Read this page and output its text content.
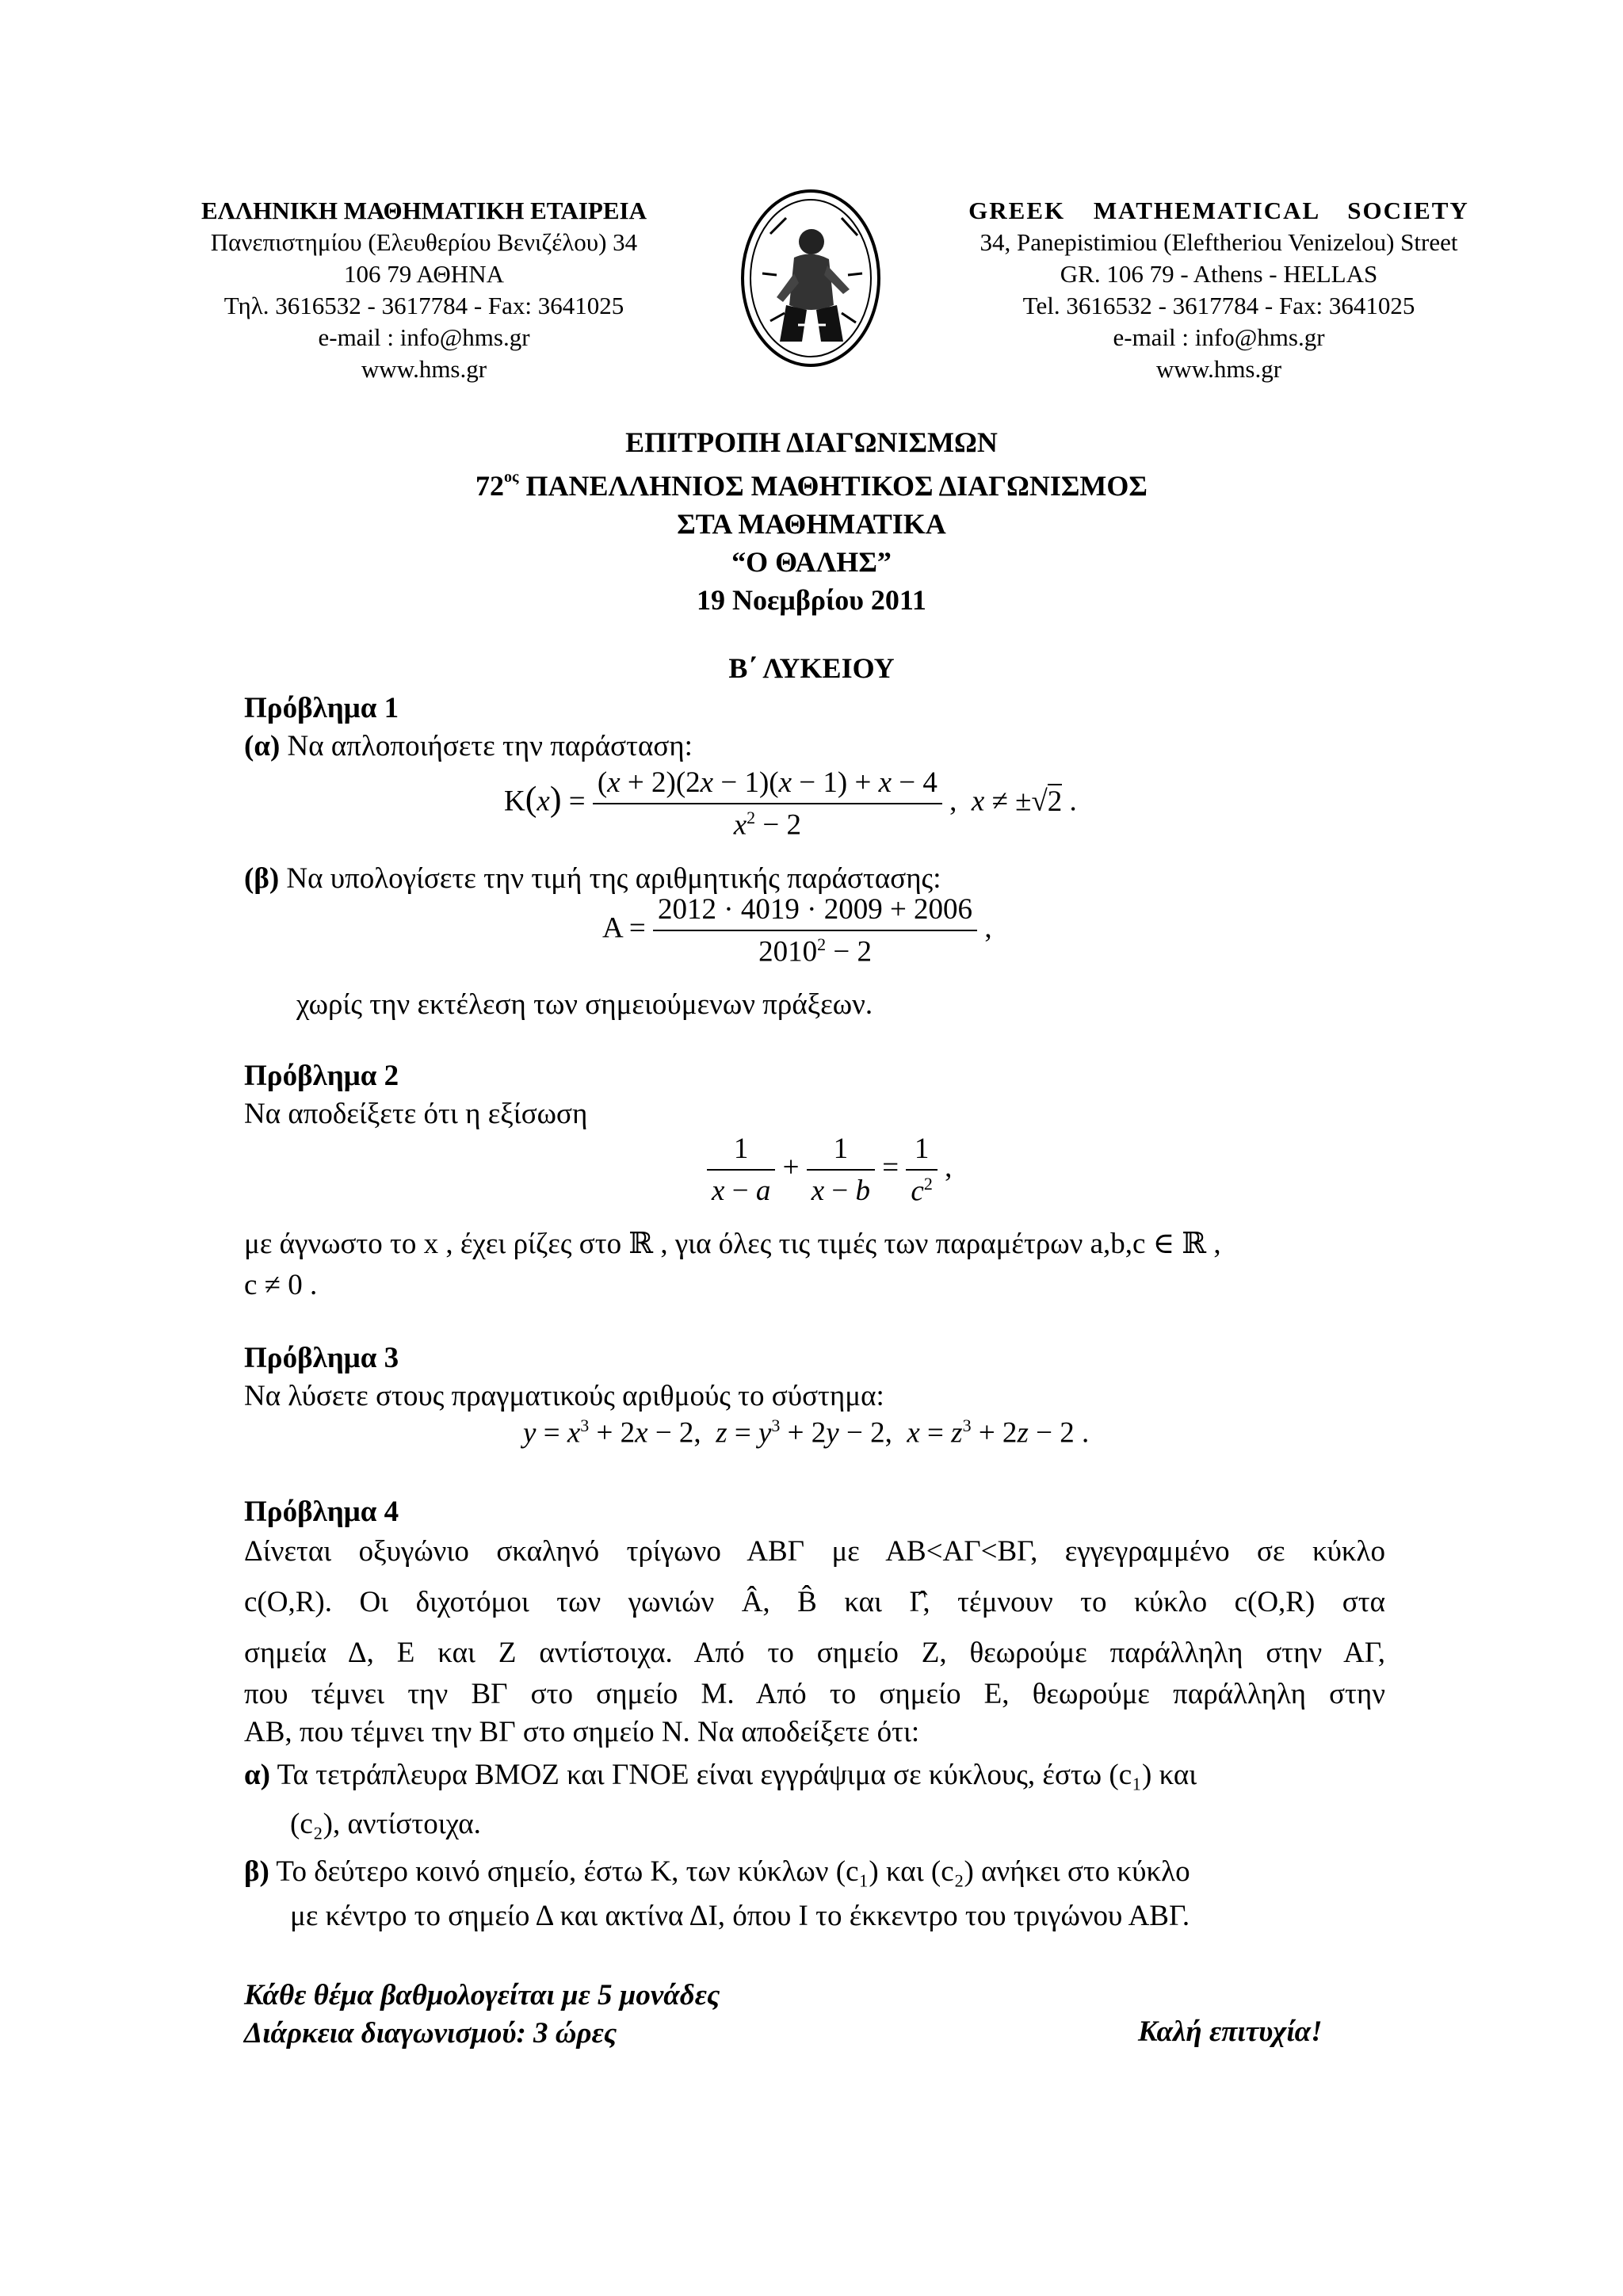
ΕΛΛΗΝΙΚΗ ΜΑΘΗΜΑΤΙΚΗ ΕΤΑΙΡΕΙΑ
Πανεπιστημίου (Ελευθερίου Βενιζέλου) 34
106 79 ΑΘΗΝΑ
Τηλ. 3616532 - 3617784 - Fax: 3641025
e-mail : info@hms.gr
www.hms.gr
GREEK MATHEMATICAL SOCIETY
34, Panepistimiou (Eleftheriou Venizelou) Street
GR. 106 79 - Athens - HELLAS
Tel. 3616532 - 3617784 - Fax: 3641025
e-mail : info@hms.gr
www.hms.gr
ΕΠΙΤΡΟΠΗ ΔΙΑΓΩΝΙΣΜΩΝ
$72^{o\varsigma}$ ΠΑΝΕΛΛΗΝΙΟΣ ΜΑΘΗΤΙΚΟΣ ΔΙΑΓΩΝΙΣΜΟΣ
ΣΤΑ ΜΑΘΗΜΑΤΙΚΑ
“Ο ΘΑΛΗΣ”
19 Νοεμβρίου 2011
Β΄ ΛΥΚΕΙΟΥ
Πρόβλημα 1
(α) Να απλοποιήσετε την παράσταση:
$K(x) = \frac{(x + 2)(2x - 1)(x - 1) + x - 4}{x^2 - 2}$ ,  x ≠ ±√2 .
(β) Να υπολογίσετε την τιμή της αριθμητικής παράστασης:
$A = \frac{2012 \cdot 4019 \cdot 2009 + 2006}{2010^2 - 2}$ ,
χωρίς την εκτέλεση των σημειούμενων πράξεων.
Πρόβλημα 2
Να αποδείξετε ότι η εξίσωση
$\frac{1}{x - a} + \frac{1}{x - b} = \frac{1}{c^2}$ ,
με άγνωστο το x , έχει ρίζες στο ℝ , για όλες τις τιμές των παραμέτρων a,b,c ∈ ℝ ,
c ≠ 0 .
Πρόβλημα 3
Να λύσετε στους πραγματικούς αριθμούς το σύστημα:
$y = x^3 + 2x - 2$,  $z = y^3 + 2y - 2$,  $x = z^3 + 2z - 2$ .
Πρόβλημα 4
Δίνεται οξυγώνιο σκαληνό τρίγωνο ΑΒΓ με ΑΒ<ΑΓ<ΒΓ, εγγεγραμμένο σε κύκλο
c(O,R). Οι διχοτόμοι των γωνιών Â, B̂ και Γ̂, τέμνουν το κύκλο c(O,R) στα
σημεία Δ, Ε και Ζ αντίστοιχα. Από το σημείο Ζ, θεωρούμε παράλληλη στην ΑΓ,
που τέμνει την ΒΓ στο σημείο Μ. Από το σημείο Ε, θεωρούμε παράλληλη στην
ΑΒ, που τέμνει την ΒΓ στο σημείο Ν. Να αποδείξετε ότι:
α) Τα τετράπλευρα ΒΜΟΖ και ΓΝΟΕ είναι εγγράψιμα σε κύκλους, έστω (c₁) και
(c₂), αντίστοιχα.
β) Το δεύτερο κοινό σημείο, έστω Κ, των κύκλων (c₁) και (c₂) ανήκει στο κύκλο
με κέντρο το σημείο Δ και ακτίνα ΔΙ, όπου Ι το έκκεντρο του τριγώνου ΑΒΓ.
Κάθε θέμα βαθμολογείται με 5 μονάδες
Διάρκεια διαγωνισμού: 3 ώρες	Καλή επιτυχία!
